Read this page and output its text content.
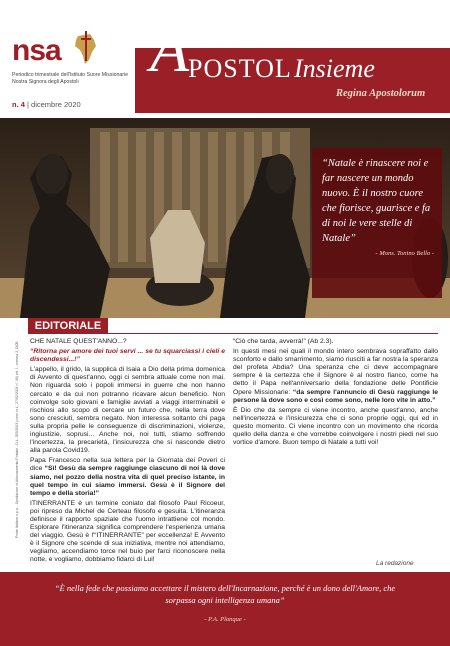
nsa
Periodico trimestrale dell'Istituto Suore Missionarie Nostra Signora degli Apostoli
n. 4 | dicembre 2020
A
POSTOL Insieme
Regina Apostolorum
“Natale è rinascere noi e far nascere un mondo nuovo. È il nostro cuore che fiorisce, guarisce e fa di noi le vere stelle di Natale”
- Mons. Tonino Bello -
EDITORIALE
Poste Italiane s.p.a. - Spedizione in Abbonamento Postale - D.L. 353/2003 (conv. in L. 27/02/2004 n° 46) art. 1, comma 2, DCB

CHE NATALE QUEST'ANNO...?

“Ritorna per amore dei tuoi servi ... se tu squarciassi i cieli e discendessi...!”

L'appello, il grido, la supplica di Isaia a Dio della prima domenica di Avvento di quest'anno, oggi ci sembra attuale come non mai. Non riguarda solo i popoli immersi in guerre che non hanno cercato e da cui non potranno ricavare alcun beneficio. Non coinvolge solo giovani e famiglie avviati a viaggi interminabili e rischiosi allo scopo di cercare un futuro che, nella terra dove sono cresciuti, sembra negato. Non interessa soltanto chi paga sulla propria pelle le conseguenze di discriminazioni, violenze, ingiustizie, soprusi... Anche noi, noi tutti, stiamo soffrendo l'incertezza, la precarietà, l'insicurezza che si nasconde dietro alla parola Covid19.

Papa Francesco nella sua lettera per la Giornata dei Poveri ci dice “Sì! Gesù da sempre raggiunge ciascuno di noi là dove siamo, nel pozzo della nostra vita di quel preciso istante, in quel tempo in cui siamo immersi. Gesù è il Signore del tempo e della storia!”

ITINERRANTE è un termine coniato dal filosofo Paul Ricoeur, poi ripreso da Michel de Certeau filosofo e gesuita. L'itineranza definisce il rapporto spaziale che l'uomo intrattiene col mondo. Esplorare l'itineranza significa comprendere l'esperienza umana del viaggio. Gesù è l'“ITINERRANTE” per eccellenza! E Avvento è il Signore che scende di sua iniziativa, mentre noi attendiamo, vegliamo, accendiamo torce nel buio per farci riconoscere nella notte, e vogliamo, dobbiamo fidarci di Lui!

“Ciò che tarda, avverrà!” (Ab 2.3).

In questi mesi nei quali il mondo intero sembrava sopraffatto dallo sconforto e dallo smarrimento, siamo riusciti a far nostra la speranza del profeta Abdia? Una speranza che ci deve accompagnare sempre è la certezza che il Signore è al nostro fianco, come ha detto il Papa nell'anniversario della fondazione delle Pontificie Opere Missionarie: “da sempre l'annuncio di Gesù raggiunge le persone là dove sono e così come sono, nelle loro vite in atto.”

È Dio che da sempre ci viene incontro, anche quest'anno, anche nell'incertezza e l'insicurezza che ci sono proprie oggi, qui ed in questo momento. Ci viene incontro con un movimento che ricorda quello della danza e che vorrebbe coinvolgere i nostri piedi nel suo vortice d'amore. Buon tempo di Natale a tutti voi!

La redazione
“È nella fede che possiamo accettare il mistero dell'Incarnazione, perché è un dono dell'Amore, che sorpassa ogni intelligenza umana”
- P.A. Planque -
